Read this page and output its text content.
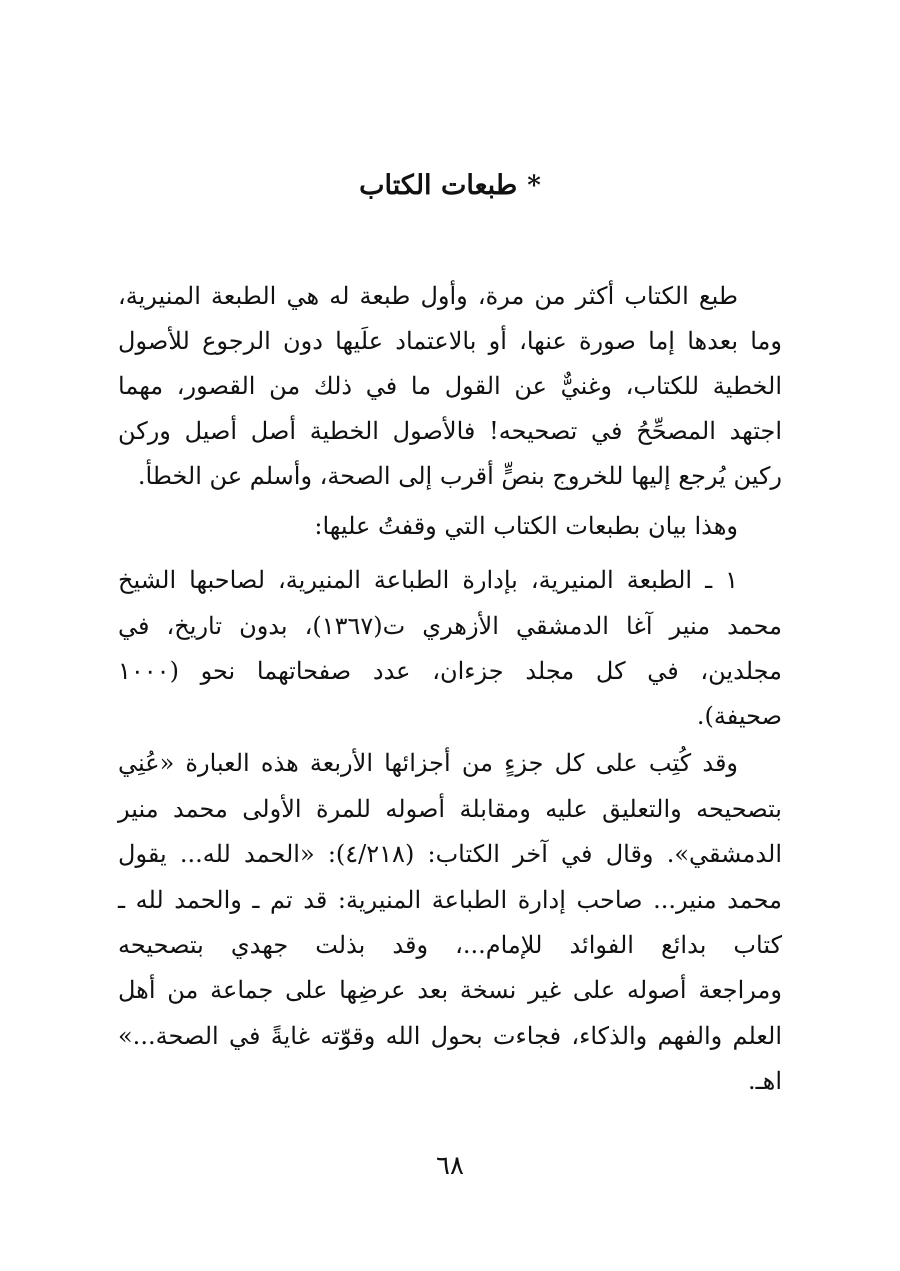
*طبعات الكتاب
طبع الكتاب أكثر من مرة، وأول طبعة له هي الطبعة المنيرية،
وما بعدها إما صورة عنها، أو بالاعتماد علَيها دون الرجوع للأصول
الخطية للكتاب، وغنيٌّ عن القول ما في ذلك من القصور، مهما
اجتهد المصحِّحُ في تصحيحه! فالأصول الخطية أصل أصيل وركن
ركين يُرجع إليها للخروج بنصٍّ أقرب إلى الصحة، وأسلم عن الخطأ.
وهذا بيان بطبعات الكتاب التي وقفتُ عليها:
١ ـ الطبعة المنيرية، بإدارة الطباعة المنيرية، لصاحبها الشيخ
محمد منير آغا الدمشقي الأزهري ت(١٣٦٧)، بدون تاريخ، في
مجلدين، في كل مجلد جزءان، عدد صفحاتهما نحو (١٠٠٠
صحيفة).
وقد كُتِب على كل جزءٍ من أجزائها الأربعة هذه العبارة «عُنِي
بتصحيحه والتعليق عليه ومقابلة أصوله للمرة الأولى محمد منير
الدمشقي». وقال في آخر الكتاب: (٤/٢١٨): «الحمد لله... يقول
محمد منير... صاحب إدارة الطباعة المنيرية: قد تم ـ والحمد لله ـ
كتاب بدائع الفوائد للإمام...، وقد بذلت جهدي بتصحيحه
ومراجعة أصوله على غير نسخة بعد عرضِها على جماعة من أهل
العلم والفهم والذكاء، فجاءت بحول الله وقوّته غايةً في الصحة...»
اهـ.
٦٨
